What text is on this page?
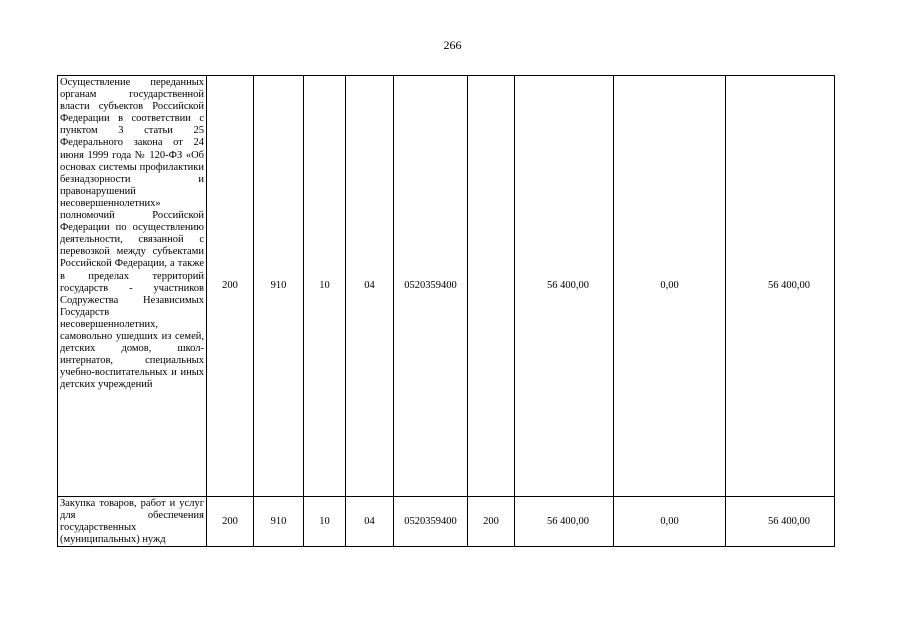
266
Осуществление переданных органам государственной власти субъектов Российской Федерации в соответствии с пунктом 3 статьи 25 Федерального закона от 24 июня 1999 года № 120-ФЗ «Об основах системы профилактики безнадзорности и правонарушений несовершеннолетних» полномочий Российской Федерации по осуществлению деятельности, связанной с перевозкой между субъектами Российской Федерации, а также в пределах территорий государств - участников Содружества Независимых Государств несовершеннолетних, самовольно ушедших из семей, детских домов, школ-интернатов, специальных учебно-воспитательных и иных детских учреждений	200	910	10	04	0520359400		56 400,00	0,00	56 400,00
Закупка товаров, работ и услуг для обеспечения государственных (муниципальных) нужд	200	910	10	04	0520359400	200	56 400,00	0,00	56 400,00
